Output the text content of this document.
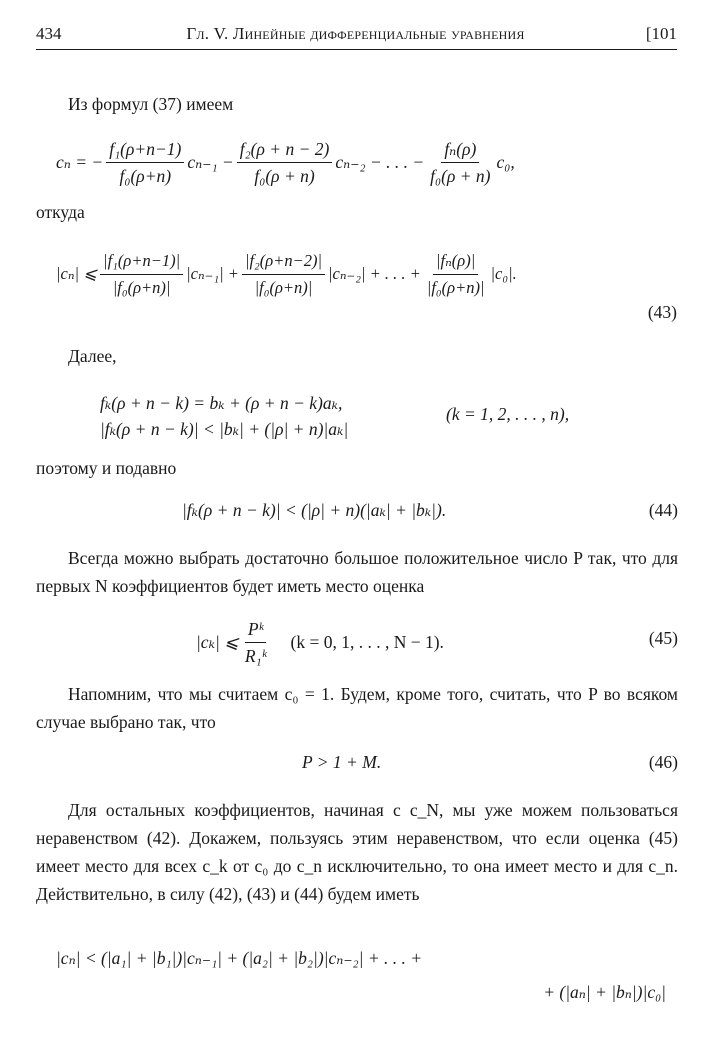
434	Гл. V. Линейные дифференциальные уравнения	[101
Из формул (37) имеем
cₙ = − $\frac{\text{f₁(ρ+n−1)}}{\text{f₀(ρ+n)}} c_{n-1} - \frac{\text{f₂(ρ + n − 2)}}{\text{f₀(ρ + n)}} c_{n-2}$ − . . . − $\frac{\text{fₙ(ρ)}}{\text{f₀(ρ + n)}} c_0$,
откуда
|cₙ| ⩽ $\frac{\text{|f₁(ρ+n−1)|}}{\text{|f₀(ρ+n)|}} |c_{n-1}| + \frac{\text{|f₂(ρ+n−2)|}}{\text{|f₀(ρ+n)|}} |c_{n-2}|$ + . . . + $\frac{\text{|fₙ(ρ)|}}{\text{|f₀(ρ+n)|}} |c_0|$.
(43)
Далее,
fₖ(ρ + n − k) = bₖ + (ρ + n − k)aₖ,
|fₖ(ρ + n − k)| < |bₖ| + (|ρ| + n)|aₖ|
(k = 1, 2, . . . , n),
поэтому и подавно
|fₖ(ρ + n − k)| < (|ρ| + n)(|aₖ| + |bₖ|).	(44)
Всегда можно выбрать достаточно большое положительное число P так, что для первых N коэффициентов будет иметь место оценка
|cₖ| ⩽ $\frac{\text{Pᵏ}}{\text{R₁ᵏ}} (k = 0$, 1, . . . , N − 1).	(45)
Напомним, что мы считаем c₀ = 1. Будем, кроме того, считать, что P во всяком случае выбрано так, что
P > 1 + M.	(46)
Для остальных коэффициентов, начиная с c_N, мы уже можем пользоваться неравенством (42). Докажем, пользуясь этим неравенством, что если оценка (45) имеет место для всех c_k от c₀ до c_n исключительно, то она имеет место и для c_n. Действительно, в силу (42), (43) и (44) будем иметь
|cₙ| < (|a₁| + |b₁|)|cₙ₋₁| + (|a₂| + |b₂|)|cₙ₋₂| + . . . +
+ (|aₙ| + |bₙ|)|c₀|
